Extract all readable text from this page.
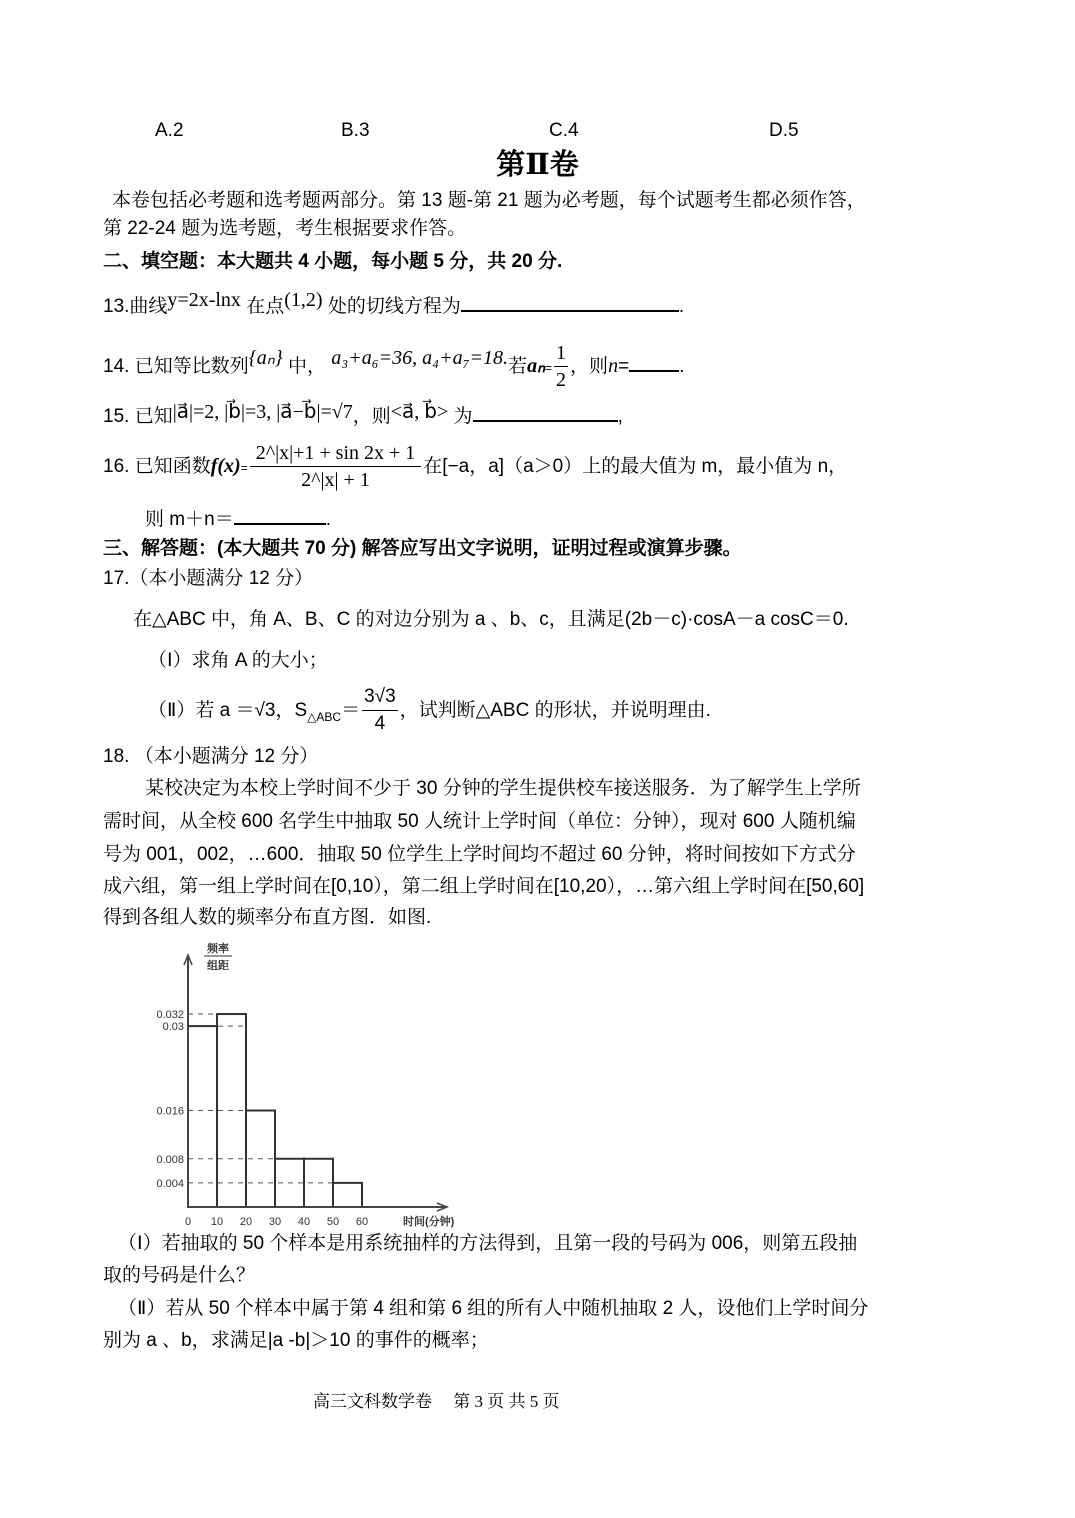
A.2	B.3	C.4	D.5
第Ⅱ卷
本卷包括必考题和选考题两部分。第 13 题-第 21 题为必考题，每个试题考生都必须作答，
第 22-24 题为选考题，考生根据要求作答。
二、填空题：本大题共 4 小题，每小题 5 分，共 20 分.
13.曲线y=2x-lnx 在点(1,2) 处的切线方程为	.
14. 已知等比数列{aₙ} 中， a₃+a₆=36, a₄+a₇=18.若$a_n= \frac{1}{2}$ ，则n=	.
15. 已知|a⃗|=2, |b⃗|=3, |a⃗−b⃗|=√7，则<a⃗, b⃗> 为	,
16. 已知函数$f(x)= \frac{2\^{}|x|+1 + \sin 2x + 1}{2\^{}|x| + 1}$ 在[−a，a]（a＞0）上的最大值为 m，最小值为 n，
则 m＋n＝	.
三、解答题：(本大题共 70 分) 解答应写出文字说明，证明过程或演算步骤。
17.（本小题满分 12 分）
在△ABC 中，角 A、B、C 的对边分别为 a 、b、c，且满足(2b－c)·cosA－a cosC＝0.
（Ⅰ）求角 A 的大小；
（Ⅱ）若 a ＝√3，$S_{\triangle ABC}= \frac{3√3}{4}$ ，试判断△ABC 的形状，并说明理由.
18. （本小题满分 12 分）
某校决定为本校上学时间不少于 30 分钟的学生提供校车接送服务．为了解学生上学所
需时间，从全校 600 名学生中抽取 50 人统计上学时间（单位：分钟），现对 600 人随机编
号为 001，002，…600．抽取 50 位学生上学时间均不超过 60 分钟，将时间按如下方式分
成六组，第一组上学时间在[0,10），第二组上学时间在[10,20），…第六组上学时间在[50,60]
得到各组人数的频率分布直方图．如图.
0.032
0.03
0.016
0.008
0.004
0 10 20 30 40 50 60	时间(分钟)
频率
组距
（Ⅰ）若抽取的 50 个样本是用系统抽样的方法得到，且第一段的号码为 006，则第五段抽
取的号码是什么？
（Ⅱ）若从 50 个样本中属于第 4 组和第 6 组的所有人中随机抽取 2 人，设他们上学时间分
别为 a 、b，求满足|a -b|＞10 的事件的概率；
高三文科数学卷　 第 3 页 共 5 页
